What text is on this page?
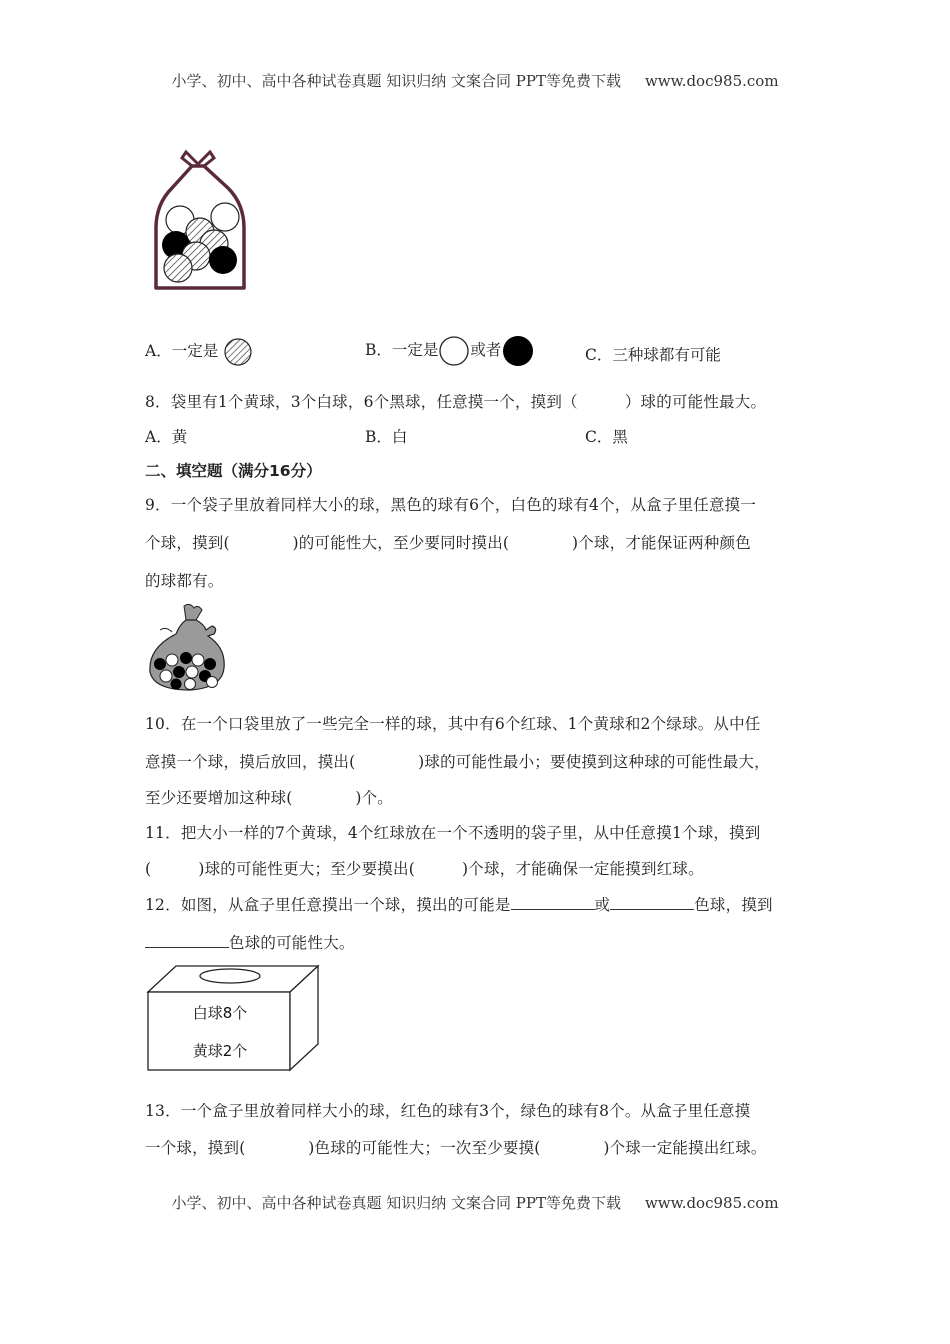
小学、初中、高中各种试卷真题 知识归纳 文案合同 PPT等免费下载 www.doc985.com
A．一定是	B．一定是 或者	C．三种球都有可能
8．袋里有1个黄球，3个白球，6个黑球，任意摸一个，摸到（　　　）球的可能性最大。
A．黄	B．白	C．黑
二、填空题（满分16分）
9．一个袋子里放着同样大小的球，黑色的球有6个，白色的球有4个，从盒子里任意摸一
个球，摸到(　　　　)的可能性大，至少要同时摸出(　　　　)个球，才能保证两种颜色
的球都有。
10．在一个口袋里放了一些完全一样的球，其中有6个红球、1个黄球和2个绿球。从中任
意摸一个球，摸后放回，摸出(　　　　)球的可能性最小；要使摸到这种球的可能性最大，
至少还要增加这种球(　　　　)个。
11．把大小一样的7个黄球，4个红球放在一个不透明的袋子里，从中任意摸1个球，摸到
(　　　)球的可能性更大；至少要摸出(　　　)个球，才能确保一定能摸到红球。
12．如图，从盒子里任意摸出一个球，摸出的可能是	或	色球，摸到
色球的可能性大。
白球8个
黄球2个
13．一个盒子里放着同样大小的球，红色的球有3个，绿色的球有8个。从盒子里任意摸
一个球，摸到(　　　　)色球的可能性大；一次至少要摸(　　　　)个球一定能摸出红球。
小学、初中、高中各种试卷真题 知识归纳 文案合同 PPT等免费下载 www.doc985.com
